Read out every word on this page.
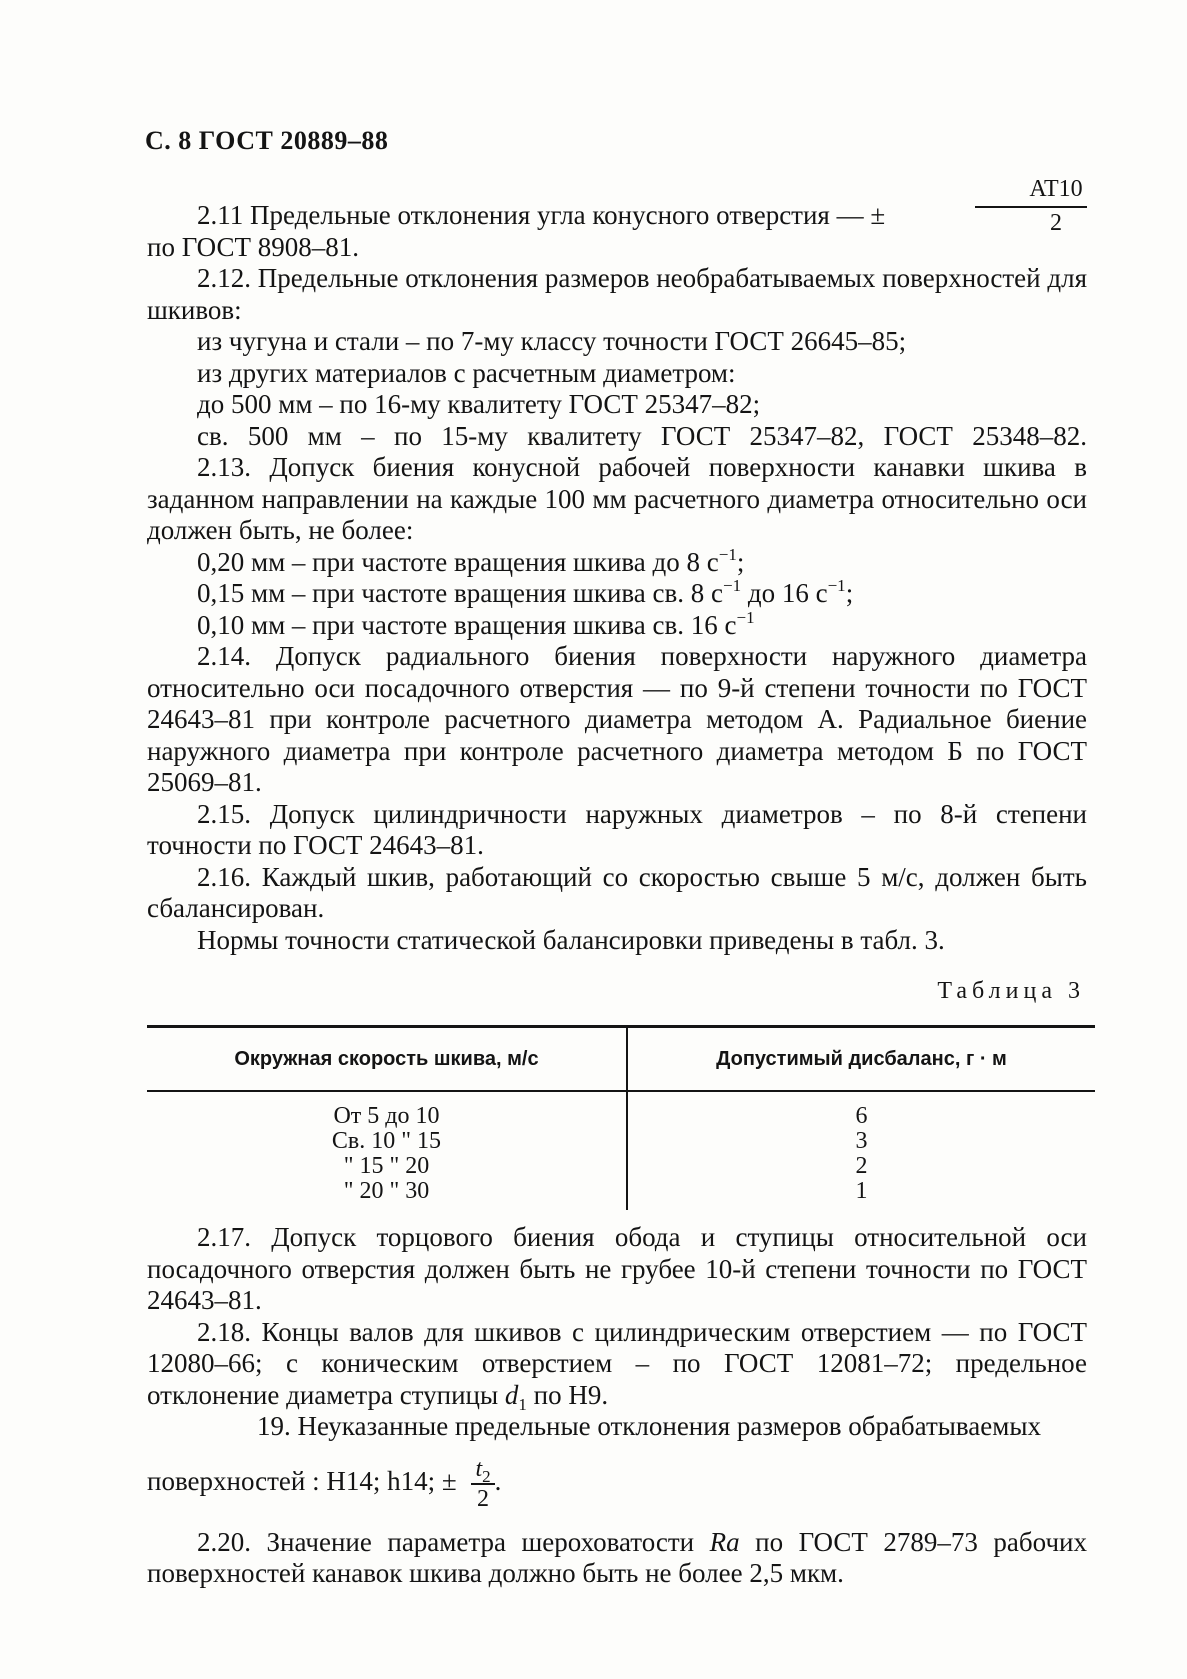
С. 8 ГОСТ 20889–88

2.11 Предельные отклонения угла конусного отверстия — ±	$\frac{AT10}{2}$

по ГОСТ 8908–81.

2.12. Предельные отклонения размеров необрабатываемых поверхностей для шкивов:

из чугуна и стали – по 7-му классу точности ГОСТ 26645–85;

из других материалов с расчетным диаметром:

до 500 мм – по 16-му квалитету ГОСТ 25347–82;

св. 500 мм – по 15-му квалитету ГОСТ 25347–82, ГОСТ 25348–82.

2.13. Допуск биения конусной рабочей поверхности канавки шкива в заданном направлении на каждые 100 мм расчетного диаметра относительно оси должен быть, не более:

0,20 мм – при частоте вращения шкива до 8 $с^{-1}$;

0,15 мм – при частоте вращения шкива св. 8 $с^{-1}$ до 16 $с^{-1}$;

0,10 мм – при частоте вращения шкива св. 16 $с^{-1}$

2.14. Допуск радиального биения поверхности наружного диаметра относительно оси посадочного отверстия — по 9-й степени точности по ГОСТ 24643–81 при контроле расчетного диаметра методом А. Радиальное биение наружного диаметра при контроле расчетного диаметра методом Б по ГОСТ 25069–81.

2.15. Допуск цилиндричности наружных диаметров – по 8-й степени точности по ГОСТ 24643–81.

2.16. Каждый шкив, работающий со скоростью свыше 5 м/с, должен быть сбалансирован.

Нормы точности статической балансировки приведены в табл. 3.

Таблица 3
Окружная скорость шкива, м/с	Допустимый дисбаланс, г · м
От 5 до 10
Св. 10 " 15
" 15 " 20
" 20 " 30
6
3
2
1

2.17. Допуск торцового биения обода и ступицы относительной оси посадочного отверстия должен быть не грубее 10-й степени точности по ГОСТ 24643–81.

2.18. Концы валов для шкивов с цилиндрическим отверстием — по ГОСТ 12080–66; с коническим отверстием – по ГОСТ 12081–72; предельное отклонение диаметра ступицы $d_1$ по Н9.

19. Неуказанные предельные отклонения размеров обрабатываемых

поверхностей : Н14; h14; ± $\frac{t_2}{2}$ .

2.20. Значение параметра шероховатости Ra по ГОСТ 2789–73 рабочих поверхностей канавок шкива должно быть не более 2,5 мкм.
